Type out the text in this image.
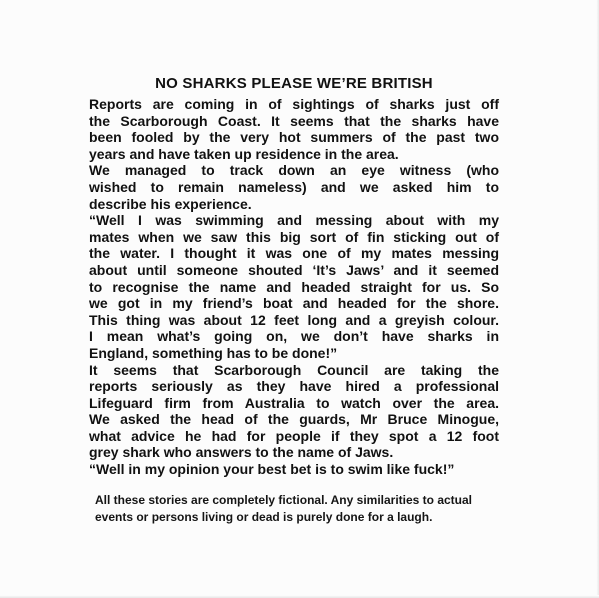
NO SHARKS PLEASE WE’RE BRITISH
Reports are coming in of sightings of sharks just off
the Scarborough Coast. It seems that the sharks have
been fooled by the very hot summers of the past two
years and have taken up residence in the area.
We managed to track down an eye witness (who
wished to remain nameless) and we asked him to
describe his experience.
“Well I was swimming and messing about with my
mates when we saw this big sort of fin sticking out of
the water. I thought it was one of my mates messing
about until someone shouted ‘It’s Jaws’ and it seemed
to recognise the name and headed straight for us. So
we got in my friend’s boat and headed for the shore.
This thing was about 12 feet long and a greyish colour.
I mean what’s going on, we don’t have sharks in
England, something has to be done!”
It seems that Scarborough Council are taking the
reports seriously as they have hired a professional
Lifeguard firm from Australia to watch over the area.
We asked the head of the guards, Mr Bruce Minogue,
what advice he had for people if they spot a 12 foot
grey shark who answers to the name of Jaws.
“Well in my opinion your best bet is to swim like fuck!”
All these stories are completely fictional. Any similarities to actual
events or persons living or dead is purely done for a laugh.
